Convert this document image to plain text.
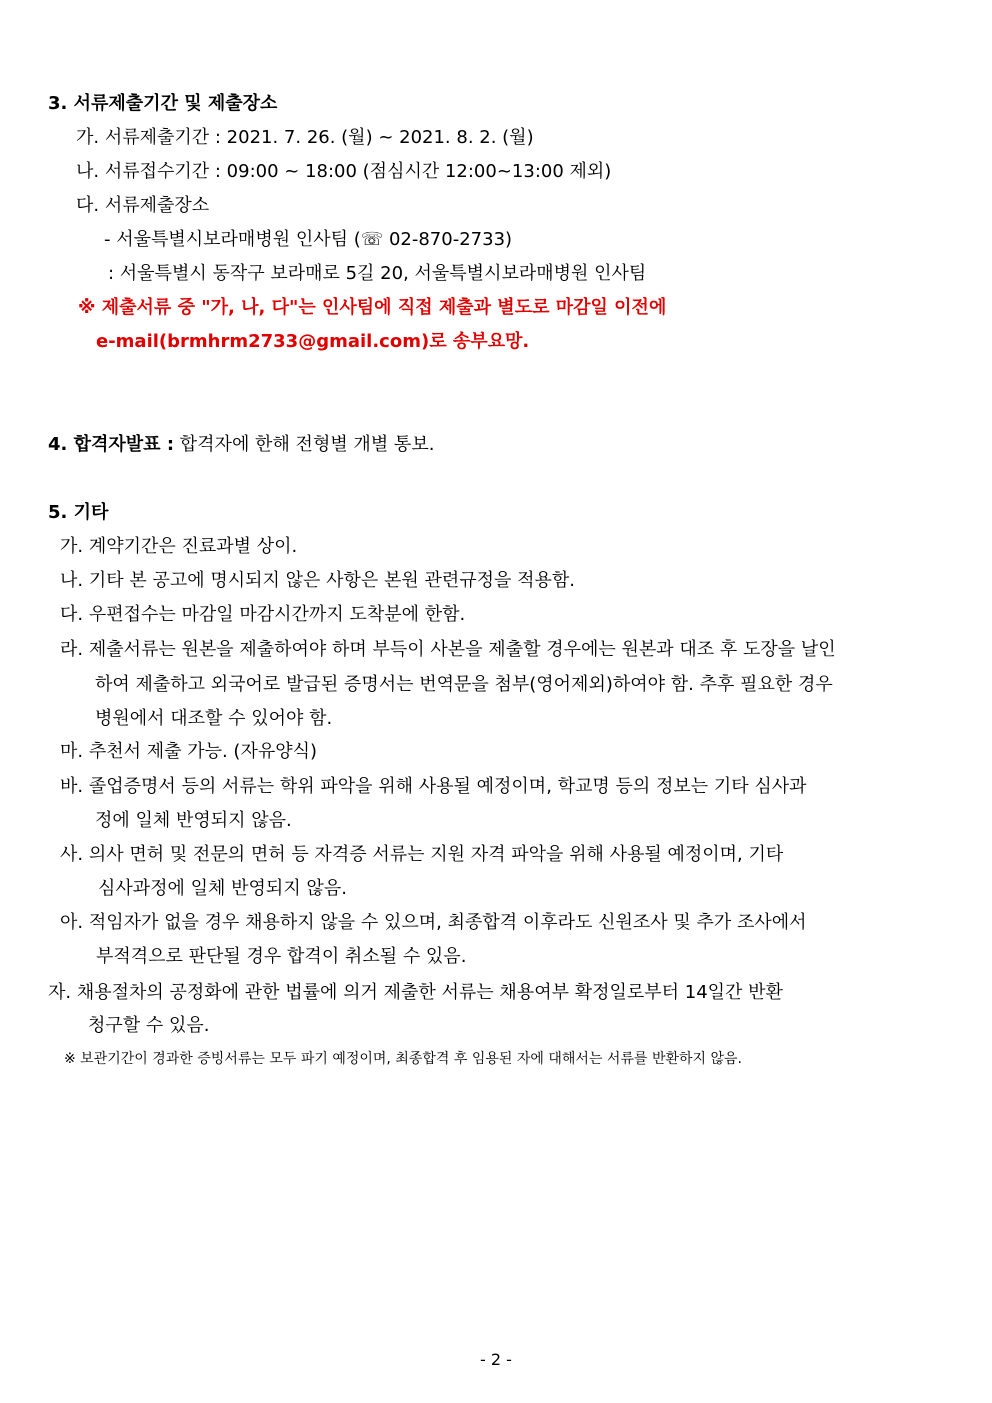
3. 서류제출기간 및 제출장소
가. 서류제출기간 : 2021. 7. 26. (월) ~ 2021. 8. 2. (월)
나. 서류접수기간 : 09:00 ~ 18:00 (점심시간 12:00~13:00 제외)
다. 서류제출장소
- 서울특별시보라매병원 인사팀 (☏ 02-870-2733)
: 서울특별시 동작구 보라매로 5길 20, 서울특별시보라매병원 인사팀
※ 제출서류 중 "가, 나, 다"는 인사팀에 직접 제출과 별도로 마감일 이전에
e-mail(brmhrm2733@gmail.com)로 송부요망.
4. 합격자발표 : 합격자에 한해 전형별 개별 통보.
5. 기타
가. 계약기간은 진료과별 상이.
나. 기타 본 공고에 명시되지 않은 사항은 본원 관련규정을 적용함.
다. 우편접수는 마감일 마감시간까지 도착분에 한함.
라. 제출서류는 원본을 제출하여야 하며 부득이 사본을 제출할 경우에는 원본과 대조 후 도장을 날인
하여 제출하고 외국어로 발급된 증명서는 번역문을 첨부(영어제외)하여야 함. 추후 필요한 경우
병원에서 대조할 수 있어야 함.
마. 추천서 제출 가능. (자유양식)
바. 졸업증명서 등의 서류는 학위 파악을 위해 사용될 예정이며, 학교명 등의 정보는 기타 심사과
정에 일체 반영되지 않음.
사. 의사 면허 및 전문의 면허 등 자격증 서류는 지원 자격 파악을 위해 사용될 예정이며, 기타
심사과정에 일체 반영되지 않음.
아. 적임자가 없을 경우 채용하지 않을 수 있으며, 최종합격 이후라도 신원조사 및 추가 조사에서
부적격으로 판단될 경우 합격이 취소될 수 있음.
자. 채용절차의 공정화에 관한 법률에 의거 제출한 서류는 채용여부 확정일로부터 14일간 반환
청구할 수 있음.
※ 보관기간이 경과한 증빙서류는 모두 파기 예정이며, 최종합격 후 임용된 자에 대해서는 서류를 반환하지 않음.
- 2 -
